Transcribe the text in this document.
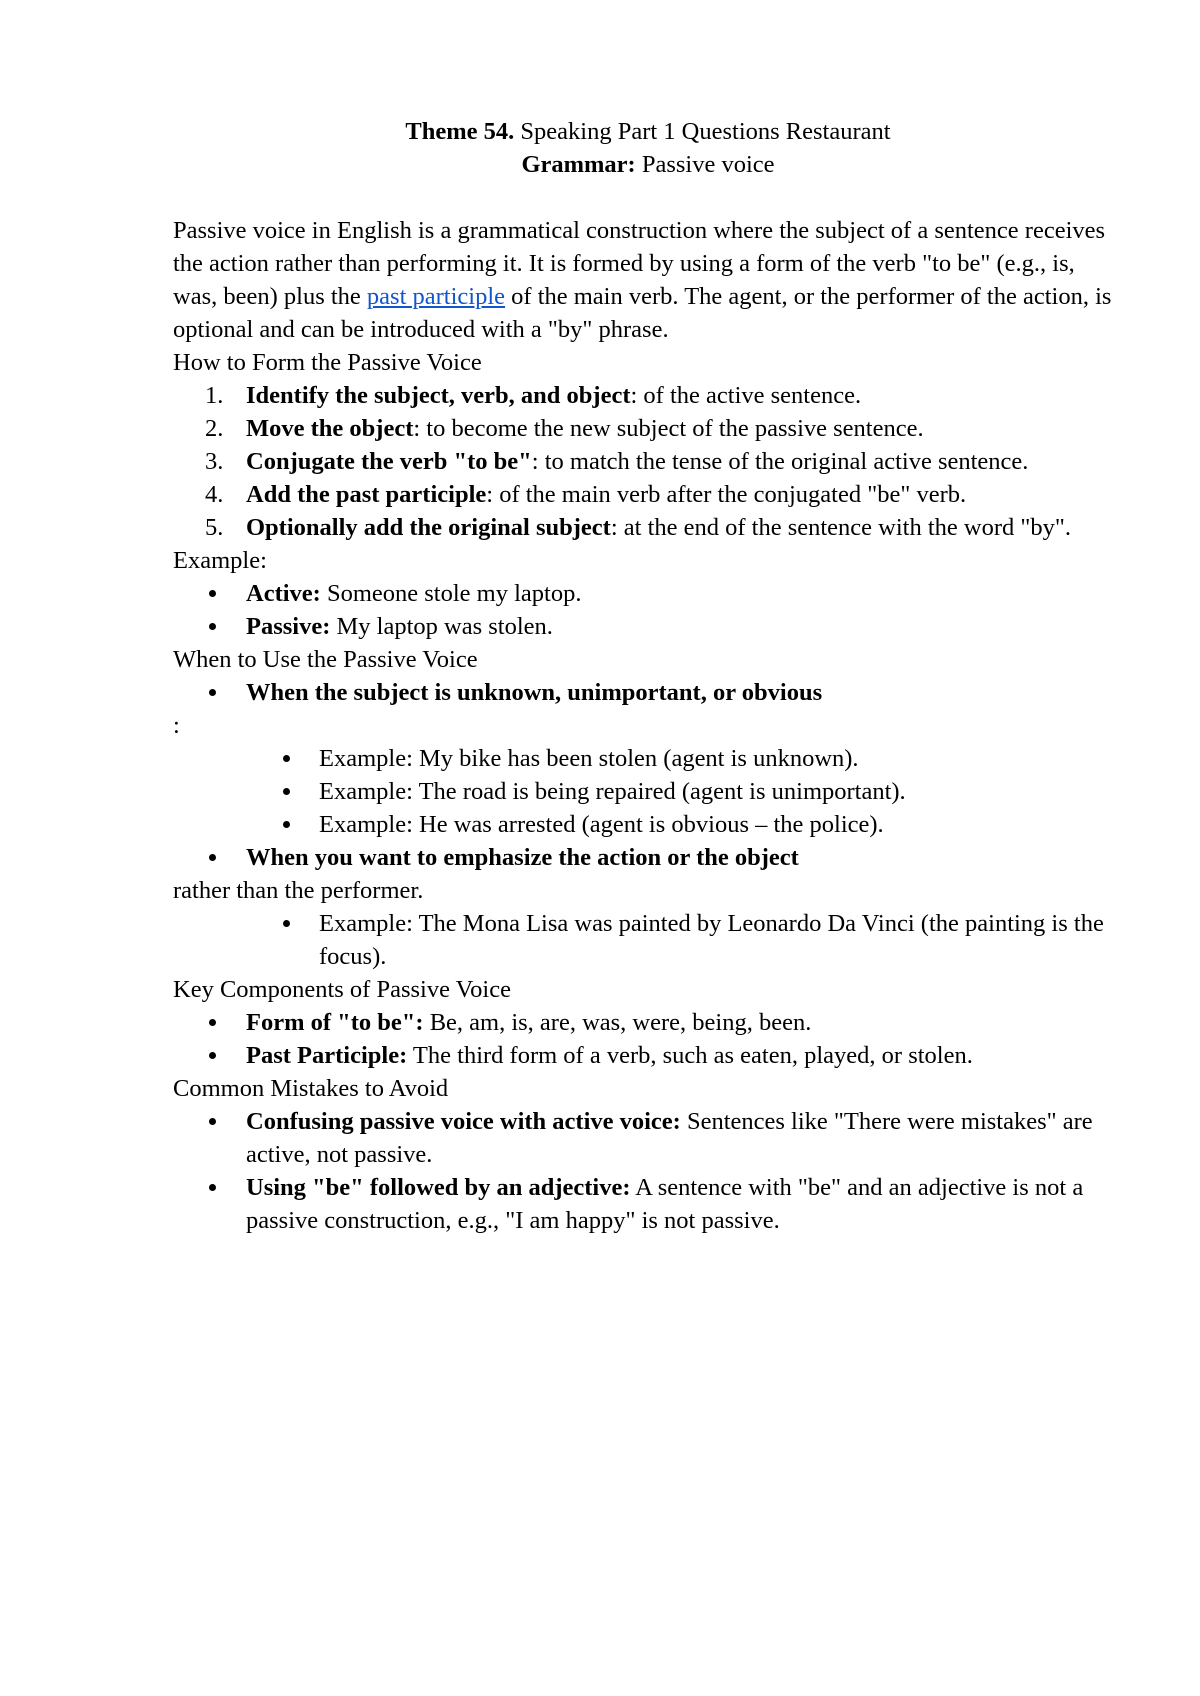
Theme 54. Speaking Part 1 Questions Restaurant

Grammar: Passive voice

Passive voice in English is a grammatical construction where the subject of a sentence receives the action rather than performing it. It is formed by using a form of the verb "to be" (e.g., is, was, been) plus the past participle of the main verb. The agent, or the performer of the action, is optional and can be introduced with a "by" phrase.
How to Form the Passive Voice
1. Identify the subject, verb, and object: of the active sentence.
2. Move the object: to become the new subject of the passive sentence.
3. Conjugate the verb "to be": to match the tense of the original active sentence.
4. Add the past participle: of the main verb after the conjugated "be" verb.
5. Optionally add the original subject: at the end of the sentence with the word "by".
Example:
Active: Someone stole my laptop.
Passive: My laptop was stolen.
When to Use the Passive Voice
When the subject is unknown, unimportant, or obvious
:
Example: My bike has been stolen (agent is unknown).
Example: The road is being repaired (agent is unimportant).
Example: He was arrested (agent is obvious – the police).
When you want to emphasize the action or the object
rather than the performer.
Example: The Mona Lisa was painted by Leonardo Da Vinci (the painting is the focus).
Key Components of Passive Voice
Form of "to be": Be, am, is, are, was, were, being, been.
Past Participle: The third form of a verb, such as eaten, played, or stolen.
Common Mistakes to Avoid
Confusing passive voice with active voice: Sentences like "There were mistakes" are active, not passive.
Using "be" followed by an adjective: A sentence with "be" and an adjective is not a passive construction, e.g., "I am happy" is not passive.
